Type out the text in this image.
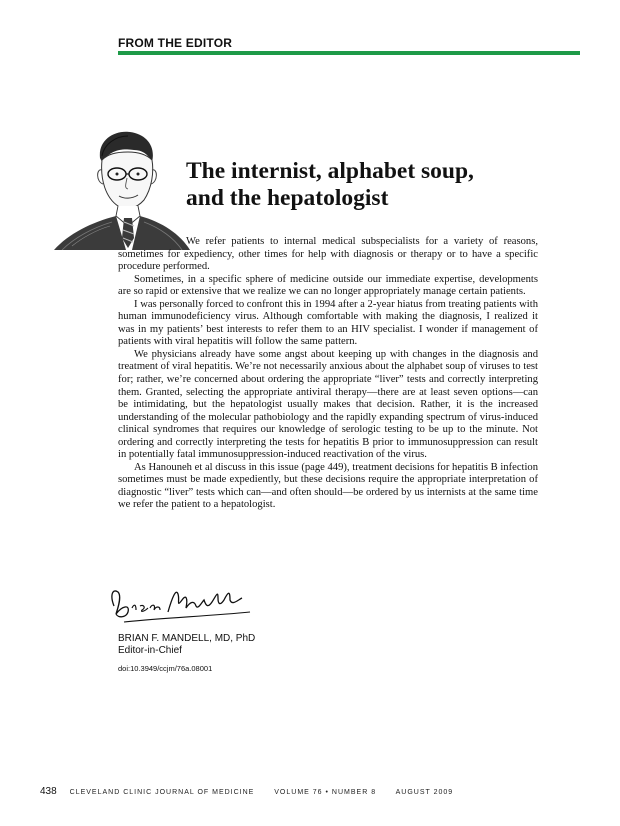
FROM THE EDITOR
The internist, alphabet soup,
and the hepatologist

We refer patients to internal medical subspecialists for a variety of reasons, sometimes for expediency, other times for help with diagnosis or therapy or to have a specific procedure performed.

Sometimes, in a specific sphere of medicine outside our immediate expertise, developments are so rapid or extensive that we realize we can no longer appropriately manage certain patients.

I was personally forced to confront this in 1994 after a 2-year hiatus from treating patients with human immunodeficiency virus. Although comfortable with making the diagnosis, I realized it was in my patients’ best interests to refer them to an HIV specialist. I wonder if management of patients with viral hepatitis will follow the same pattern.

We physicians already have some angst about keeping up with changes in the diagnosis and treatment of viral hepatitis. We’re not necessarily anxious about the alphabet soup of viruses to test for; rather, we’re concerned about ordering the appropriate “liver” tests and correctly interpreting them. Granted, selecting the appropriate antiviral therapy—there are at least seven options—can be intimidating, but the hepatologist usually makes that decision. Rather, it is the increased understanding of the molecular pathobiology and the rapidly expanding spectrum of virus-induced clinical syndromes that requires our knowledge of serologic testing to be up to the minute. Not ordering and correctly interpreting the tests for hepatitis B prior to immunosuppression can result in potentially fatal immunosuppression-induced reactivation of the virus.

As Hanouneh et al discuss in this issue (page 449), treatment decisions for hepatitis B infection sometimes must be made expediently, but these decisions require the appropriate interpretation of diagnostic “liver” tests which can—and often should—be ordered by us internists at the same time we refer the patient to a hepatologist.

BRIAN F. MANDELL, MD, PhD
Editor-in-Chief
doi:10.3949/ccjm/76a.08001
438 CLEVELAND CLINIC JOURNAL OF MEDICINE	VOLUME 76 • NUMBER 8	AUGUST 2009
